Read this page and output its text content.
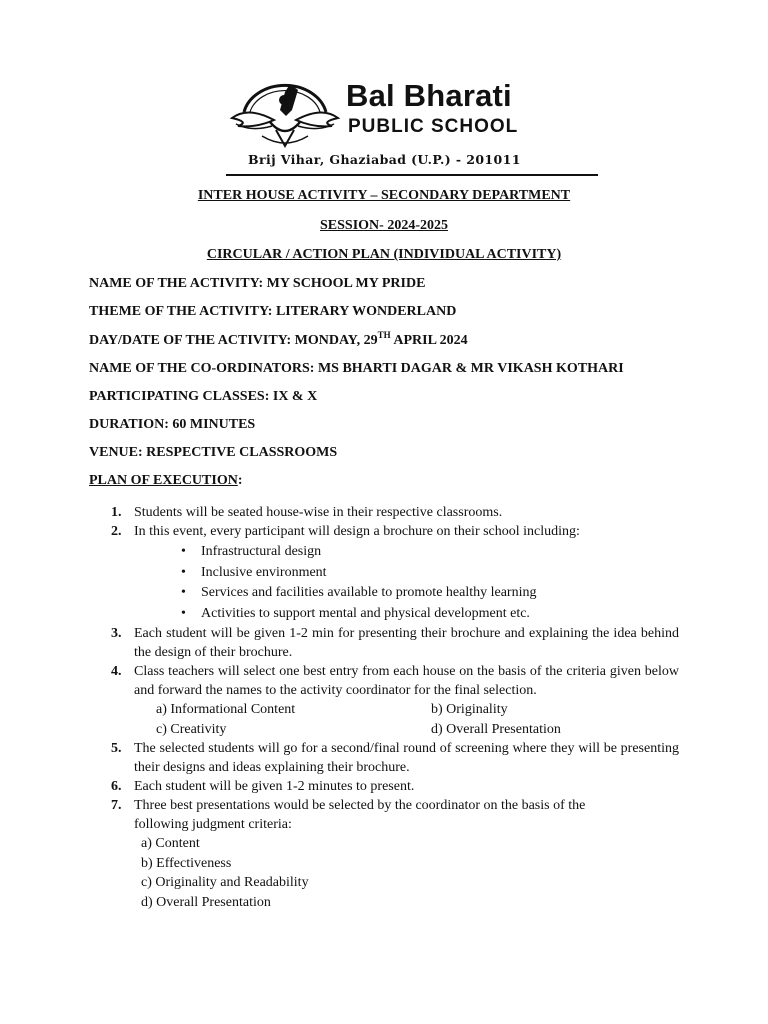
Bal Bharati
PUBLIC SCHOOL
Brij Vihar, Ghaziabad (U.P.) - 201011
INTER HOUSE ACTIVITY – SECONDARY DEPARTMENT
SESSION- 2024-2025
CIRCULAR / ACTION PLAN (INDIVIDUAL ACTIVITY)
NAME OF THE ACTIVITY: MY SCHOOL MY PRIDE
THEME OF THE ACTIVITY: LITERARY WONDERLAND
DAY/DATE OF THE ACTIVITY: MONDAY, 29TH APRIL 2024
NAME OF THE CO-ORDINATORS: MS BHARTI DAGAR & MR VIKASH KOTHARI
PARTICIPATING CLASSES: IX & X
DURATION: 60 MINUTES
VENUE: RESPECTIVE CLASSROOMS
PLAN OF EXECUTION:
1. Students will be seated house-wise in their respective classrooms.
2. In this event, every participant will design a brochure on their school including:
• Infrastructural design
• Inclusive environment
• Services and facilities available to promote healthy learning
• Activities to support mental and physical development etc.
3. Each student will be given 1-2 min for presenting their brochure and explaining the idea behind the design of their brochure.
4. Class teachers will select one best entry from each house on the basis of the criteria given below and forward the names to the activity coordinator for the final selection.
a) Informational Content	b) Originality
c) Creativity	d) Overall Presentation
5. The selected students will go for a second/final round of screening where they will be presenting their designs and ideas explaining their brochure.
6. Each student will be given 1-2 minutes to present.
7. Three best presentations would be selected by the coordinator on the basis of the following judgment criteria:
a) Content
b) Effectiveness
c) Originality and Readability
d) Overall Presentation
